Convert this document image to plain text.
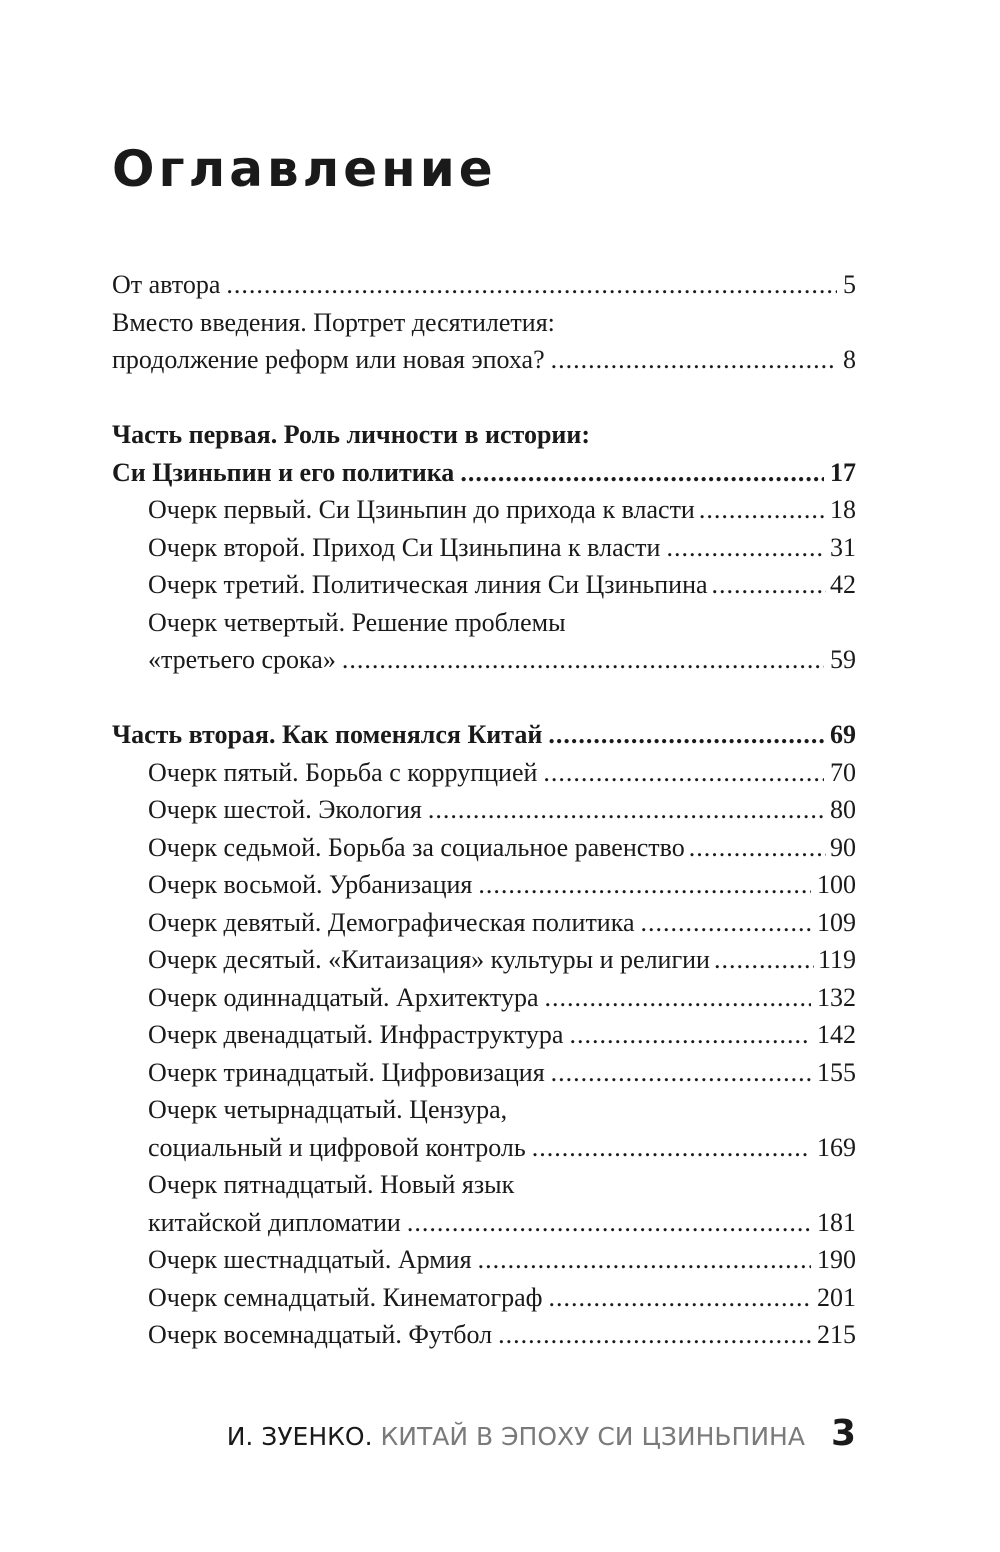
Оглавление
От автора .....	5
Вместо введения. Портрет десятилетия:
продолжение реформ или новая эпоха? .....	8
Часть первая. Роль личности в истории:
Си Цзиньпин и его политика .....	17
Очерк первый. Си Цзиньпин до прихода к власти .....	18
Очерк второй. Приход Си Цзиньпина к власти .....	31
Очерк третий. Политическая линия Си Цзиньпина .....	42
Очерк четвертый. Решение проблемы
«третьего срока» .....	59
Часть вторая. Как поменялся Китай .....	69
Очерк пятый. Борьба с коррупцией .....	70
Очерк шестой. Экология .....	80
Очерк седьмой. Борьба за социальное равенство .....	90
Очерк восьмой. Урбанизация .....	100
Очерк девятый. Демографическая политика .....	109
Очерк десятый. «Китаизация» культуры и религии .....	119
Очерк одиннадцатый. Архитектура .....	132
Очерк двенадцатый. Инфраструктура .....	142
Очерк тринадцатый. Цифровизация .....	155
Очерк четырнадцатый. Цензура,
социальный и цифровой контроль .....	169
Очерк пятнадцатый. Новый язык
китайской дипломатии .....	181
Очерк шестнадцатый. Армия .....	190
Очерк семнадцатый. Кинематограф .....	201
Очерк восемнадцатый. Футбол .....	215
И. ЗУЕНКО. КИТАЙ В ЭПОХУ СИ ЦЗИНЬПИНА 3
